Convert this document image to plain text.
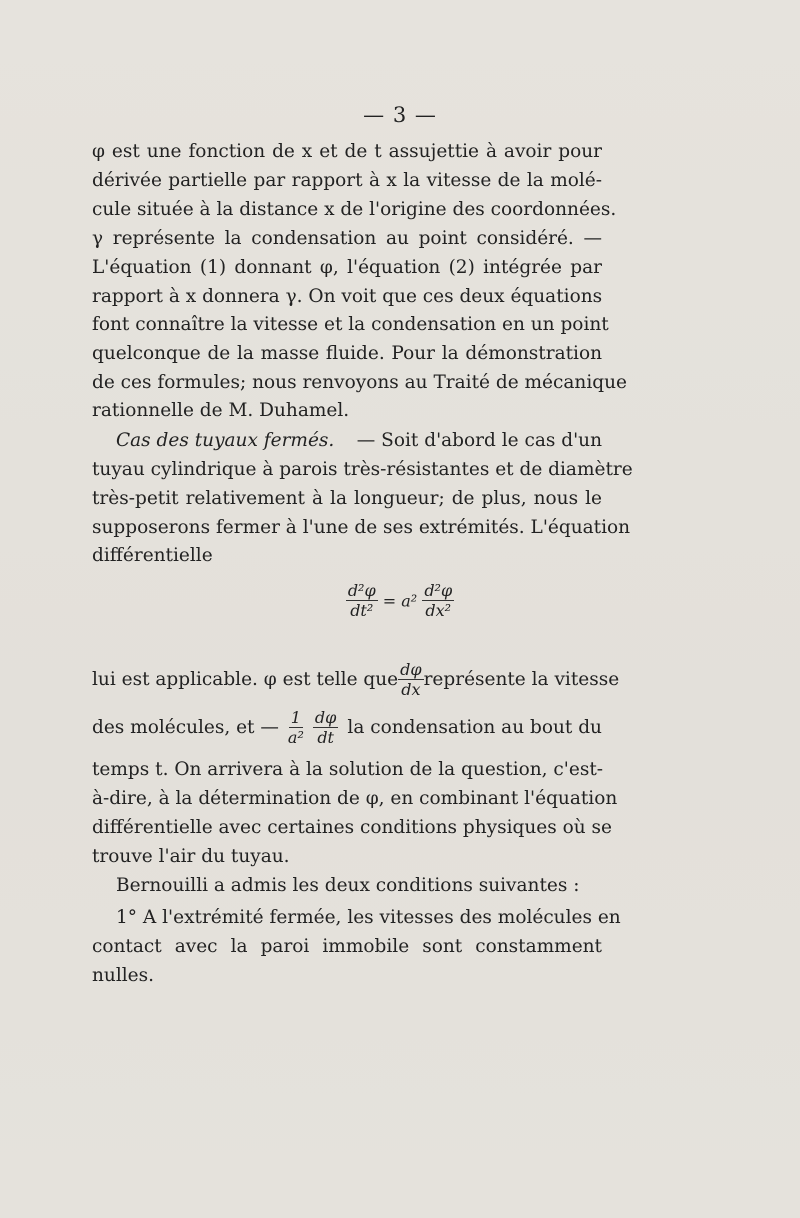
— 3 —
φ est une fonction de x et de t assujettie à avoir pour
dérivée partielle par rapport à x la vitesse de la molé-
cule située à la distance x de l'origine des coordonnées.
γ représente la condensation au point considéré. —
L'équation (1) donnant φ, l'équation (2) intégrée par
rapport à x donnera γ. On voit que ces deux équations
font connaître la vitesse et la condensation en un point
quelconque de la masse fluide. Pour la démonstration
de ces formules; nous renvoyons au Traité de mécanique
rationnelle de M. Duhamel.
Cas des tuyaux fermés. — Soit d'abord le cas d'un
tuyau cylindrique à parois très-résistantes et de diamètre
très-petit relativement à la longueur; de plus, nous le
supposerons fermer à l'une de ses extrémités. L'équation
différentielle
$\frac{\text{d²φ}}{\text{dt²}} = a^2 \frac{\text{d²φ}}{\text{dx²}}$
lui est applicable. φ est telle que $\frac{d\varphi}{dx}$ représente la vitesse
des molécules, et — $\frac{1}{\text{a²}} \frac{d\varphi}{dt}$ la condensation au bout du
temps t. On arrivera à la solution de la question, c'est-
à-dire, à la détermination de φ, en combinant l'équation
différentielle avec certaines conditions physiques où se
trouve l'air du tuyau.
Bernouilli a admis les deux conditions suivantes :
1° A l'extrémité fermée, les vitesses des molécules en
contact avec la paroi immobile sont constamment
nulles.
